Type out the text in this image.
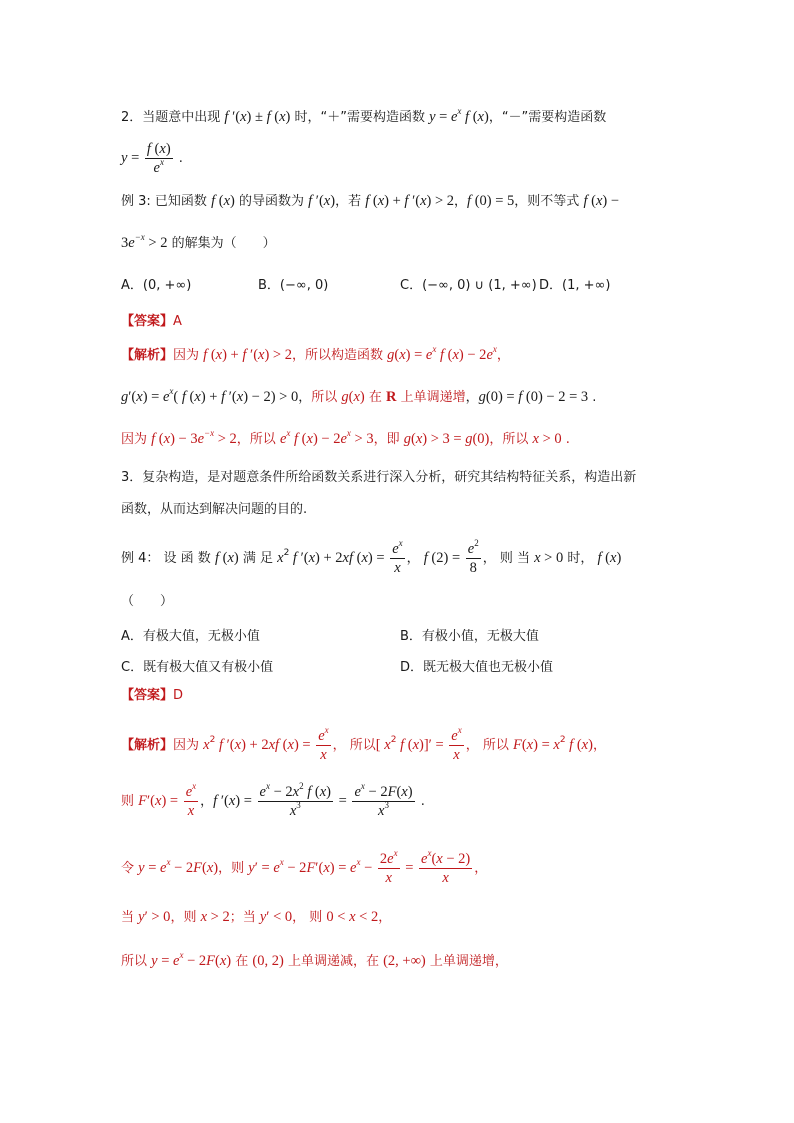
2．当题意中出现 f ′(x) ± f (x) 时，“＋”需要构造函数 $y = e^x$ f (x)，“－”需要构造函数
$y = \frac{f (x)}{e^x}$ .
例 3: 已知函数 f (x) 的导函数为 f ′(x)，若 f (x) + f ′(x) > 2，f (0) = 5，则不等式 f (x) −
$3e^{-x} > 2$ 的解集为（　　）
A．(0, +∞)	B．(−∞, 0)	C．(−∞, 0) ∪ (1, +∞) D．(1, +∞)
【答案】A
【解析】因为 f (x) + f ′(x) > 2，所以构造函数 $g(x) = e^x$ f $(x) - 2e^x$，
$g'(x) = e^x$( f (x) + f ′(x) − 2) > 0，所以 g(x) 在 R 上单调递增，g(0) = f (0) − 2 = 3 .
因为 f $(x) - 3e^{-x} > 2$，所以 $e^x$ f $(x) - 2e^x > 3$，即 g(x) > 3 = g(0)，所以 x > 0 .
3．复杂构造，是对题意条件所给函数关系进行深入分析，研究其结构特征关系，构造出新
函数，从而达到解决问题的目的.
例 4： 设 函 数 f (x) 满 足 $x^2$ f ′(x) + 2xf $(x) = \frac{e^x}{x}$ ， f $(2) = \frac{e^2}{8}$ ， 则 当 x > 0 时， f (x)
（　　）
A．有极大值，无极小值	B．有极小值，无极大值
C．既有极大值又有极小值	D．既无极大值也无极小值
【答案】D
【解析】因为 $x^2$ f ′(x) + 2xf $(x) = \frac{e^x}{x}$ ， 所以[ $x^2$ f $(x)]' = \frac{e^x}{x}$ ， 所以 $F(x) = x^2$ f (x)，
则 $F'(x) = \frac{e^x}{x}$ ，f $'(x) = \frac{e^x - 2x^2 f (x)}{x^3} = \frac{e^x - 2F(x)}{x^3}$ .
令 $y = e^x - 2F(x)$，则 $y' = e^x - 2F'(x) = e^x - \frac{2e^x}{x} = \frac{e^x(x - 2)}{x}$ ，
当 y′ > 0，则 x > 2；当 y′ < 0， 则 0 < x < 2，
所以 $y = e^x - 2F(x)$ 在 (0, 2) 上单调递减，在 (2, +∞) 上单调递增，
